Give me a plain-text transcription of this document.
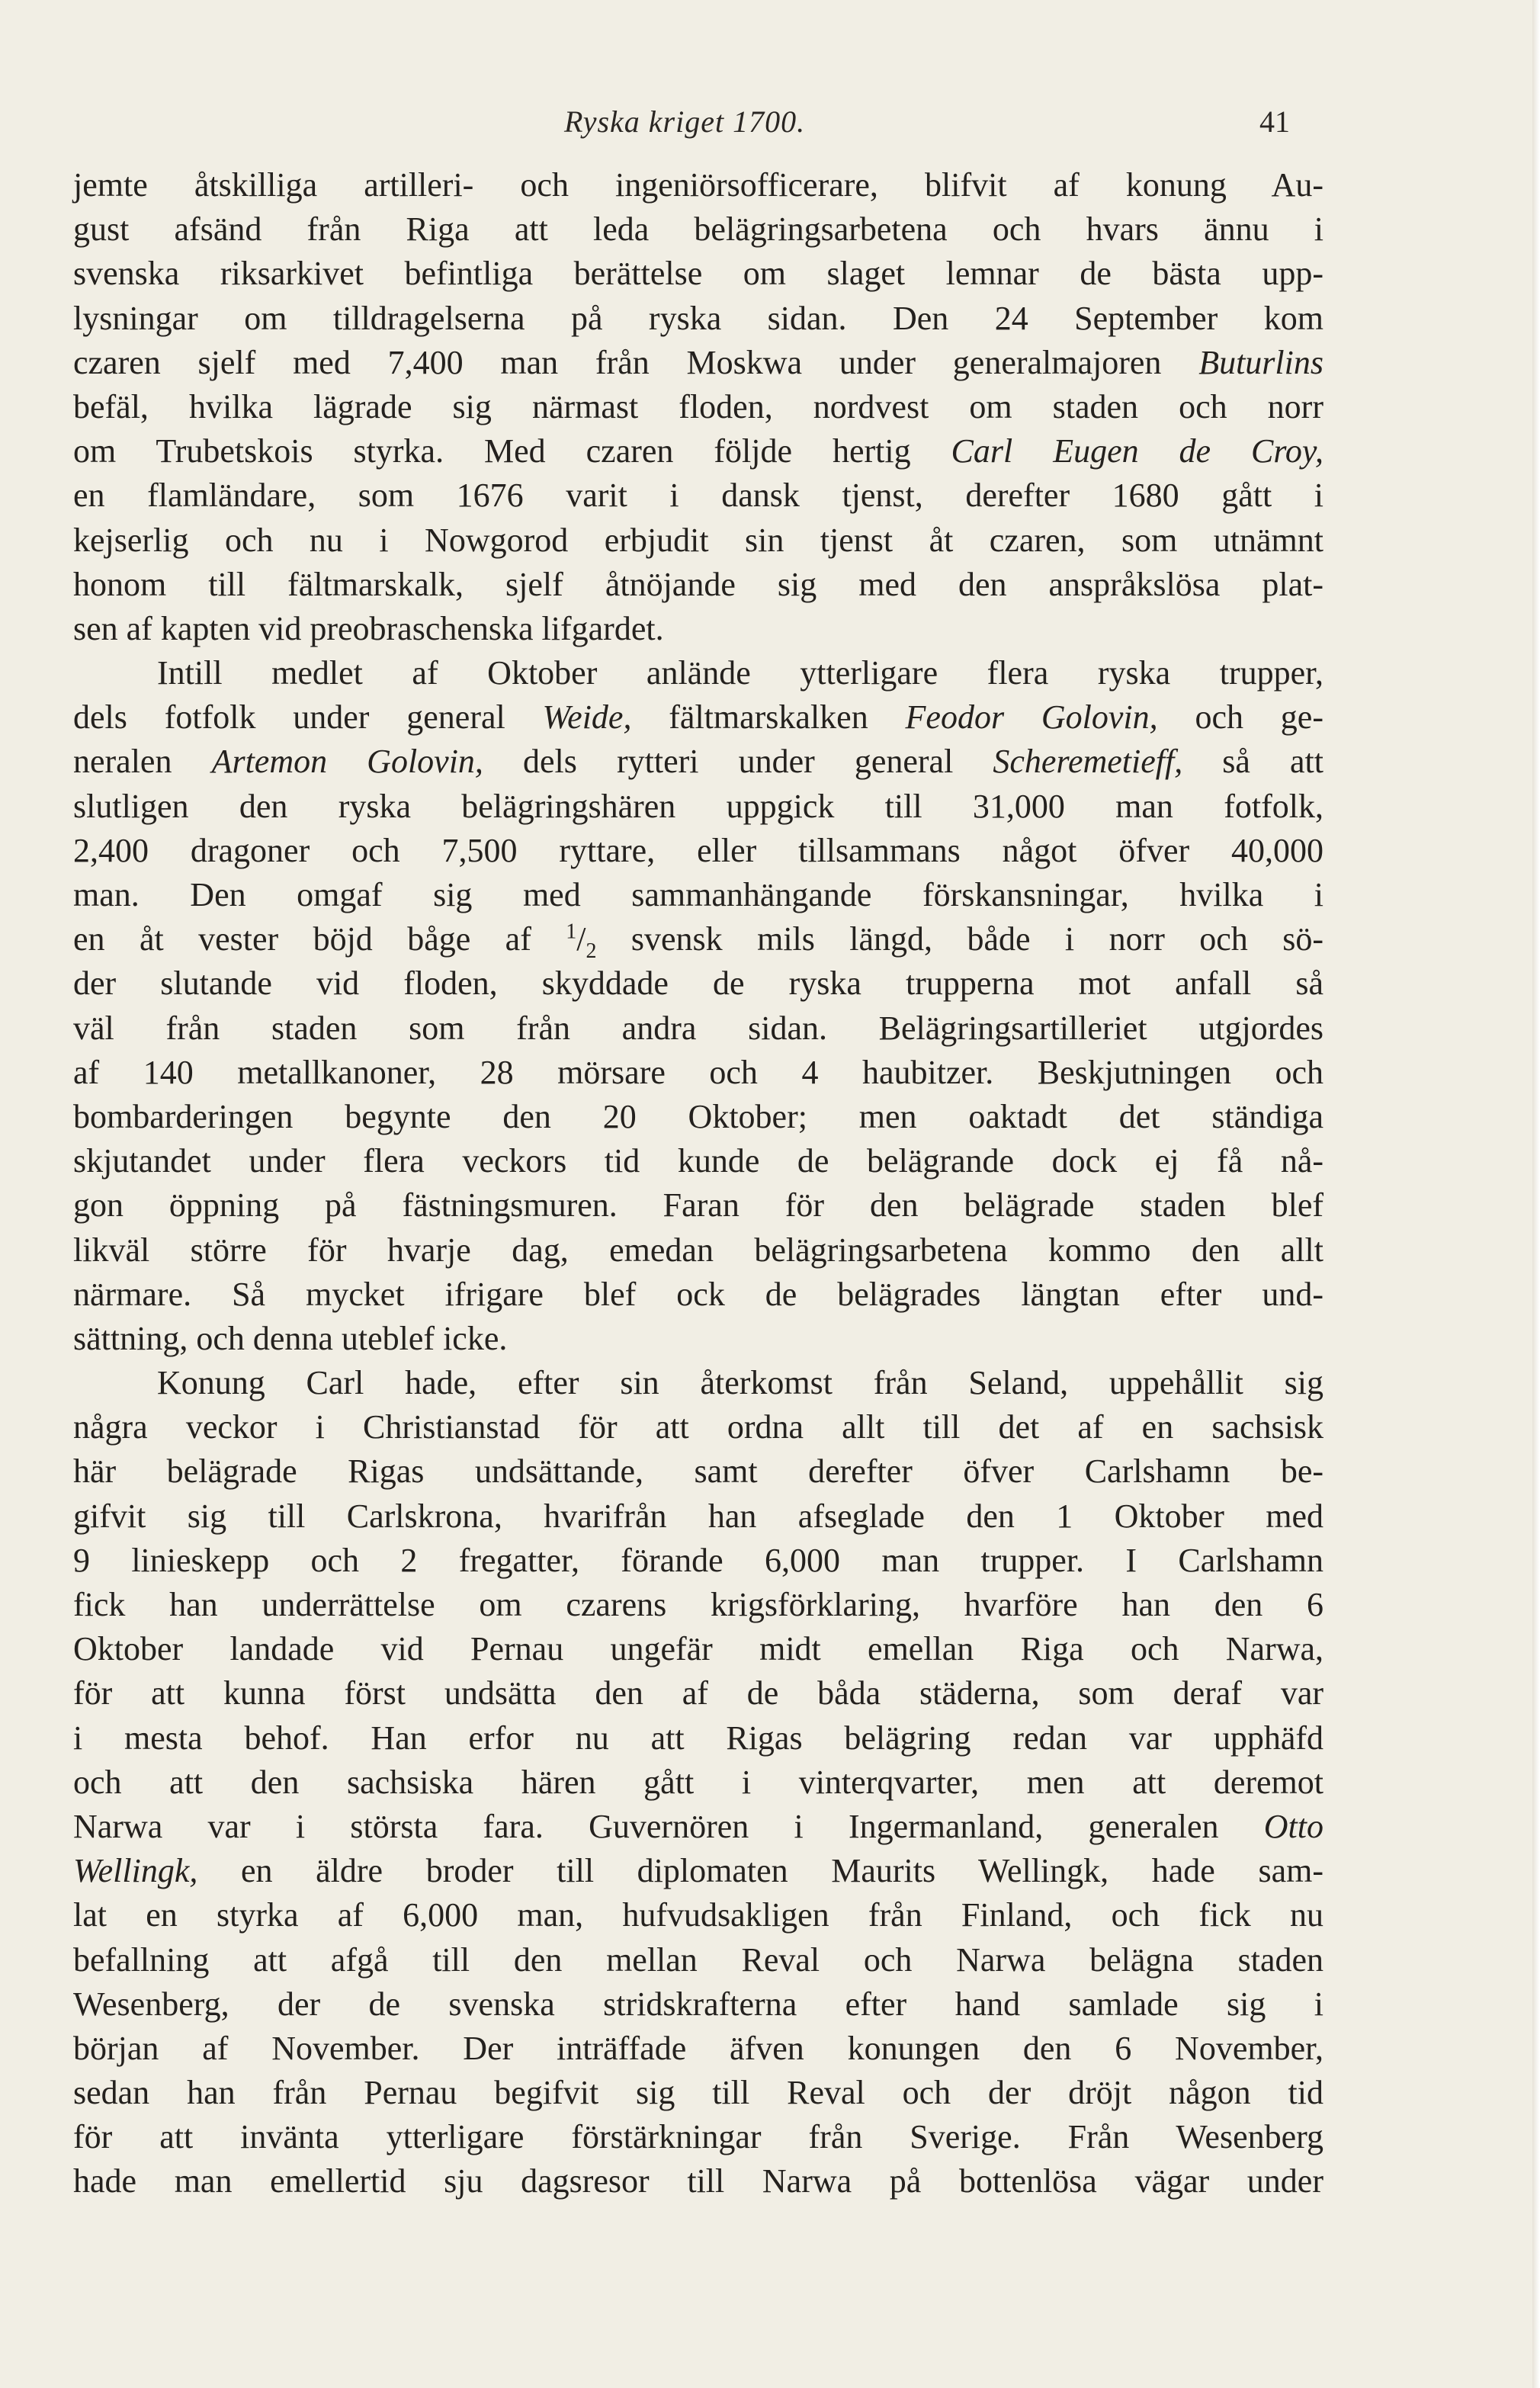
Ryska kriget 1700.	41
jemte åtskilliga artilleri- och ingeniörsofficerare, blifvit af konung Au-
gust afsänd från Riga att leda belägringsarbetena och hvars ännu i
svenska riksarkivet befintliga berättelse om slaget lemnar de bästa upp-
lysningar om tilldragelserna på ryska sidan. Den 24 September kom
czaren sjelf med 7,400 man från Moskwa under generalmajoren Buturlins
befäl, hvilka lägrade sig närmast floden, nordvest om staden och norr
om Trubetskois styrka. Med czaren följde hertig Carl Eugen de Croy,
en flamländare, som 1676 varit i dansk tjenst, derefter 1680 gått i
kejserlig och nu i Nowgorod erbjudit sin tjenst åt czaren, som utnämnt
honom till fältmarskalk, sjelf åtnöjande sig med den anspråkslösa plat-
sen af kapten vid preobraschenska lifgardet.
Intill medlet af Oktober anlände ytterligare flera ryska trupper,
dels fotfolk under general Weide, fältmarskalken Feodor Golovin, och ge-
neralen Artemon Golovin, dels rytteri under general Scheremetieff, så att
slutligen den ryska belägringshären uppgick till 31,000 man fotfolk,
2,400 dragoner och 7,500 ryttare, eller tillsammans något öfver 40,000
man. Den omgaf sig med sammanhängande förskansningar, hvilka i
en åt vester böjd båge af $^1/_2$ svensk mils längd, både i norr och sö-
der slutande vid floden, skyddade de ryska trupperna mot anfall så
väl från staden som från andra sidan. Belägringsartilleriet utgjordes
af 140 metallkanoner, 28 mörsare och 4 haubitzer. Beskjutningen och
bombarderingen begynte den 20 Oktober; men oaktadt det ständiga
skjutandet under flera veckors tid kunde de belägrande dock ej få nå-
gon öppning på fästningsmuren. Faran för den belägrade staden blef
likväl större för hvarje dag, emedan belägringsarbetena kommo den allt
närmare. Så mycket ifrigare blef ock de belägrades längtan efter und-
sättning, och denna uteblef icke.
Konung Carl hade, efter sin återkomst från Seland, uppehållit sig
några veckor i Christianstad för att ordna allt till det af en sachsisk
här belägrade Rigas undsättande, samt derefter öfver Carlshamn be-
gifvit sig till Carlskrona, hvarifrån han afseglade den 1 Oktober med
9 linieskepp och 2 fregatter, förande 6,000 man trupper. I Carlshamn
fick han underrättelse om czarens krigsförklaring, hvarföre han den 6
Oktober landade vid Pernau ungefär midt emellan Riga och Narwa,
för att kunna först undsätta den af de båda städerna, som deraf var
i mesta behof. Han erfor nu att Rigas belägring redan var upphäfd
och att den sachsiska hären gått i vinterqvarter, men att deremot
Narwa var i största fara. Guvernören i Ingermanland, generalen Otto
Wellingk, en äldre broder till diplomaten Maurits Wellingk, hade sam-
lat en styrka af 6,000 man, hufvudsakligen från Finland, och fick nu
befallning att afgå till den mellan Reval och Narwa belägna staden
Wesenberg, der de svenska stridskrafterna efter hand samlade sig i
början af November. Der inträffade äfven konungen den 6 November,
sedan han från Pernau begifvit sig till Reval och der dröjt någon tid
för att invänta ytterligare förstärkningar från Sverige. Från Wesenberg
hade man emellertid sju dagsresor till Narwa på bottenlösa vägar under
